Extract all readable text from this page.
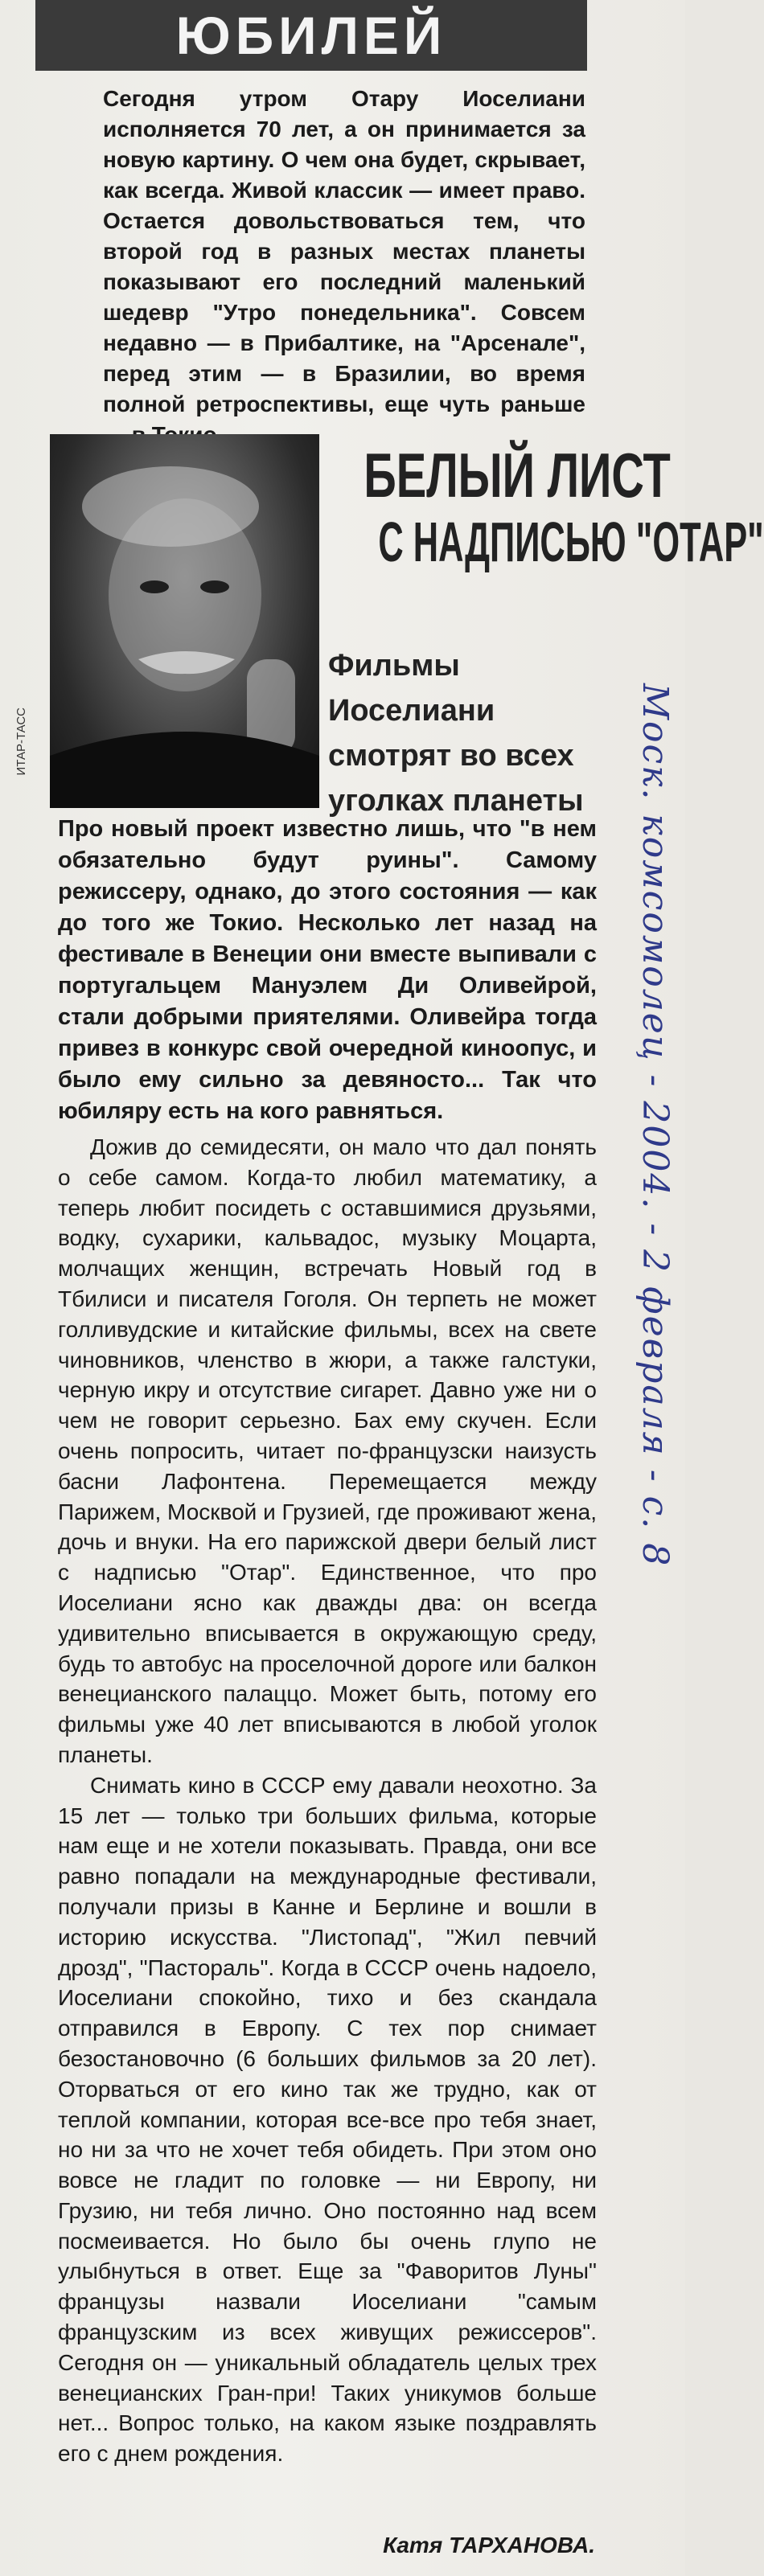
ЮБИЛЕЙ
Сегодня утром Отару Иоселиани исполняется 70 лет, а он принимается за новую картину. О чем она будет, скрывает, как всегда. Живой классик — имеет право. Остается довольствоваться тем, что второй год в разных местах планеты показывают его последний маленький шедевр "Утро понедельника". Совсем недавно — в Прибалтике, на "Арсенале", перед этим — в Бразилии, во время полной ретроспективы, еще чуть раньше
ИТАР-ТАСС
БЕЛЫЙ ЛИСТ
С НАДПИСЬЮ "ОТАР"
Фильмы Иоселиани смотрят во всех уголках планеты	Моск. комсомолец - 2004. - 2 февраля - с. 8
Про новый проект известно лишь, что "в нем обязательно будут руины". Самому режиссеру, однако, до этого состояния — как до того же Токио. Несколько лет назад на фестивале в Венеции они вместе выпивали с португальцем Мануэлем Ди Оливейрой, стали добрыми приятелями. Оливейра тогда привез в конкурс свой очередной киноопус, и было ему сильно за девяносто... Так что юбиляру есть на кого равняться.

Дожив до семидесяти, он мало что дал понять о себе самом. Когда-то любил математику, а теперь любит посидеть с оставшимися друзьями, водку, сухарики, кальвадос, музыку Моцарта, молчащих женщин, встречать Новый год в Тбилиси и писателя Гоголя. Он терпеть не может голливудские и китайские фильмы, всех на свете чиновников, членство в жюри, а также галстуки, черную икру и отсутствие сигарет. Давно уже ни о чем не говорит серьезно. Бах ему скучен. Если очень попросить, читает по-французски наизусть басни Лафонтена. Перемещается между Парижем, Москвой и Грузией, где проживают жена, дочь и внуки. На его парижской двери белый лист с надписью "Отар". Единственное, что про Иоселиани ясно как дважды два: он всегда удивительно вписывается в окружающую среду, будь то автобус на проселочной дороге или балкон венецианского палаццо. Может быть, потому его фильмы уже 40 лет вписываются в любой уголок планеты.

Снимать кино в СССР ему давали неохотно. За 15 лет — только три больших фильма, которые нам еще и не хотели показывать. Правда, они все равно попадали на международные фестивали, получали призы в Канне и Берлине и вошли в историю искусства. "Листопад", "Жил певчий дрозд", "Пастораль". Когда в СССР очень надоело, Иоселиани спокойно, тихо и без скандала отправился в Европу. С тех пор снимает безостановочно (6 больших фильмов за 20 лет). Оторваться от его кино так же трудно, как от теплой компании, которая все-все про тебя знает, но ни за что не хочет тебя обидеть. При этом оно вовсе не гладит по головке — ни Европу, ни Грузию, ни тебя лично. Оно постоянно над всем посмеивается. Но было бы очень глупо не улыбнуться в ответ. Еще за "Фаворитов Луны" французы назвали Иоселиани "самым французским из всех живущих режиссеров". Сегодня он — уникальный обладатель целых трех венецианских Гран-при! Таких уникумов больше нет... Вопрос только, на каком языке поздравлять его с днем рождения.

Катя ТАРХАНОВА.
